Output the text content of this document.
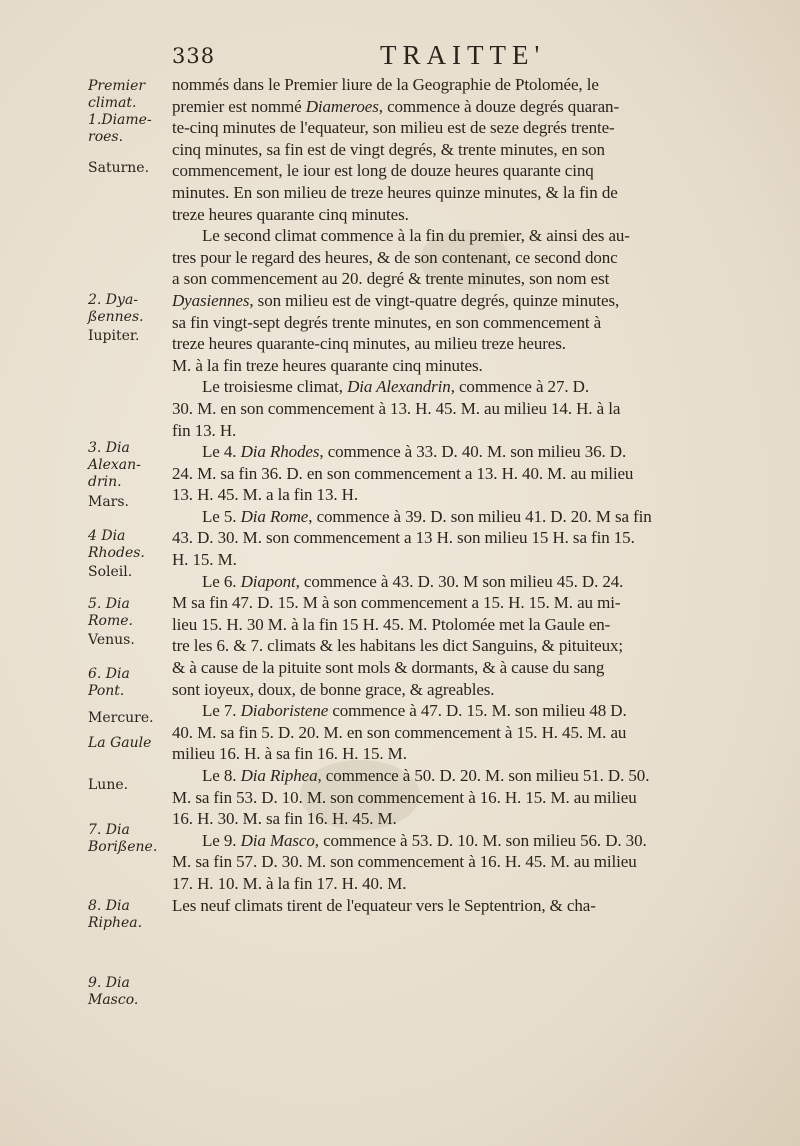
338	TRAITTE'
Premier
climat.
1.Diame-
roes.
Saturne.
2. Dya-
ßennes.
Iupiter.
3. Dia
Alexan-
drin.
Mars.
4 Dia
Rhodes.
Soleil.
5. Dia
Rome.
Venus.
6. Dia
Pont.
Mercure.
La Gaule
Lune.
7. Dia
Borißene.
8. Dia
Riphea.
9. Dia
Masco.
nommés dans le Premier liure de la Geographie de Ptolomée, le
premier est nommé Diameroes, commence à douze degrés quaran-
te-cinq minutes de l'equateur, son milieu est de seze degrés trente-
cinq minutes, sa fin est de vingt degrés, & trente minutes, en son
commencement, le iour est long de douze heures quarante cinq
minutes. En son milieu de treze heures quinze minutes, & la fin de
treze heures quarante cinq minutes.
Le second climat commence à la fin du premier, & ainsi des au-
tres pour le regard des heures, & de son contenant, ce second donc
a son commencement au 20. degré & trente minutes, son nom est
Dyasiennes, son milieu est de vingt-quatre degrés, quinze minutes,
sa fin vingt-sept degrés trente minutes, en son commencement à
treze heures quarante-cinq minutes, au milieu treze heures.
M. à la fin treze heures quarante cinq minutes.
Le troisiesme climat, Dia Alexandrin, commence à 27. D.
30. M. en son commencement à 13. H. 45. M. au milieu 14. H. à la
fin 13. H.
Le 4. Dia Rhodes, commence à 33. D. 40. M. son milieu 36. D.
24. M. sa fin 36. D. en son commencement a 13. H. 40. M. au milieu
13. H. 45. M. a la fin 13. H.
Le 5. Dia Rome, commence à 39. D. son milieu 41. D. 20. M sa fin
43. D. 30. M. son commencement a 13 H. son milieu 15 H. sa fin 15.
H. 15. M.
Le 6. Diapont, commence à 43. D. 30. M son milieu 45. D. 24.
M sa fin 47. D. 15. M à son commencement a 15. H. 15. M. au mi-
lieu 15. H. 30 M. à la fin 15 H. 45. M. Ptolomée met la Gaule en-
tre les 6. & 7. climats & les habitans les dict Sanguins, & pituiteux;
& à cause de la pituite sont mols & dormants, & à cause du sang
sont ioyeux, doux, de bonne grace, & agreables.
Le 7. Diaboristene commence à 47. D. 15. M. son milieu 48 D.
40. M. sa fin 5. D. 20. M. en son commencement à 15. H. 45. M. au
milieu 16. H. à sa fin 16. H. 15. M.
Le 8. Dia Riphea, commence à 50. D. 20. M. son milieu 51. D. 50.
M. sa fin 53. D. 10. M. son commencement à 16. H. 15. M. au milieu
16. H. 30. M. sa fin 16. H. 45. M.
Le 9. Dia Masco, commence à 53. D. 10. M. son milieu 56. D. 30.
M. sa fin 57. D. 30. M. son commencement à 16. H. 45. M. au milieu
17. H. 10. M. à la fin 17. H. 40. M.
Les neuf climats tirent de l'equateur vers le Septentrion, & cha-
